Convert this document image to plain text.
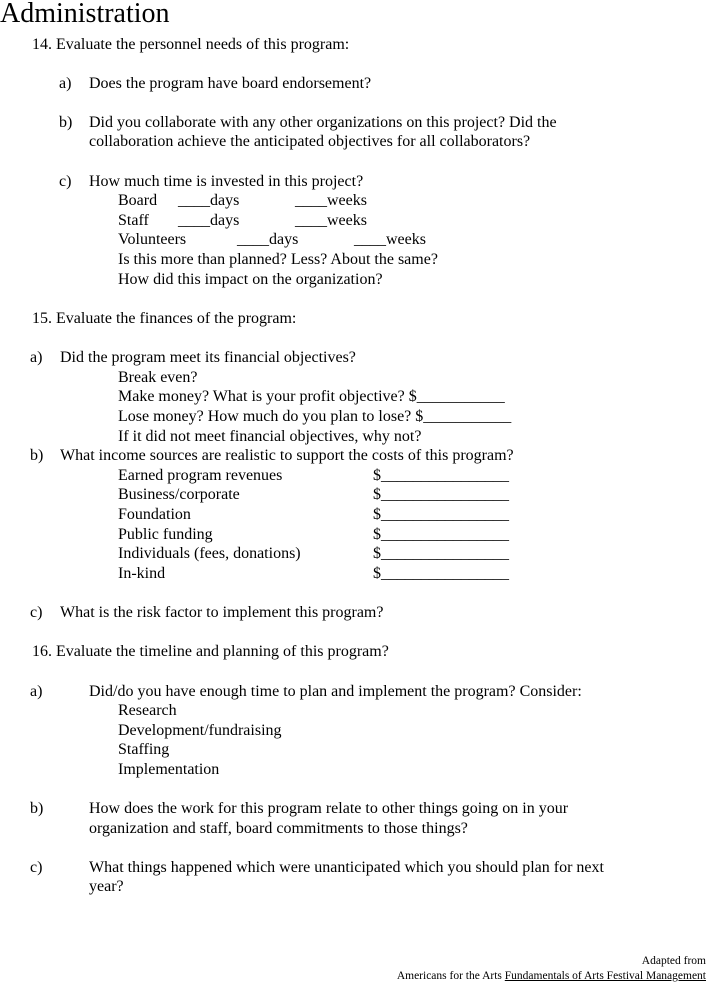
Administration
14. Evaluate the personnel needs of this program:
a) Does the program have board endorsement?
b) Did you collaborate with any other organizations on this project? Did the
collaboration achieve the anticipated objectives for all collaborators?
c) How much time is invested in this project?
Board ____days	____weeks
Staff ____days	____weeks
Volunteers	____days	____weeks
Is this more than planned? Less? About the same?
How did this impact on the organization?
15. Evaluate the finances of the program:
a) Did the program meet its financial objectives?
Break even?
Make money? What is your profit objective? $___________
Lose money? How much do you plan to lose? $___________
If it did not meet financial objectives, why not?
b) What income sources are realistic to support the costs of this program?
Earned program revenues	$________________
Business/corporate	$________________
Foundation	$________________
Public funding	$________________
Individuals (fees, donations)	$________________
In-kind	$________________
c) What is the risk factor to implement this program?
16. Evaluate the timeline and planning of this program?
a)	Did/do you have enough time to plan and implement the program? Consider:
Research
Development/fundraising
Staffing
Implementation
b)	How does the work for this program relate to other things going on in your
organization and staff, board commitments to those things?
c)	What things happened which were unanticipated which you should plan for next
year?
Adapted from
Americans for the Arts Fundamentals of Arts Festival Management
